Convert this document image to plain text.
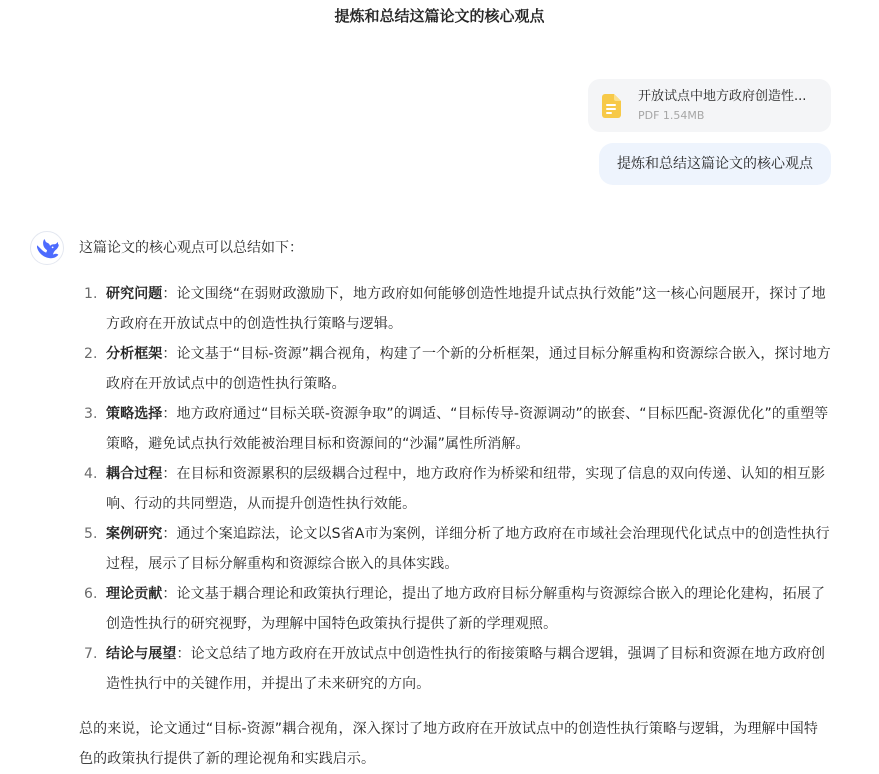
提炼和总结这篇论文的核心观点
开放试点中地方政府创造性...
PDF 1.54MB
提炼和总结这篇论文的核心观点
这篇论文的核心观点可以总结如下：
1. 研究问题：论文围绕“在弱财政激励下，地方政府如何能够创造性地提升试点执行效能”这一核心问题展开，探讨了地方政府在开放试点中的创造性执行策略与逻辑。
2. 分析框架：论文基于“目标-资源”耦合视角，构建了一个新的分析框架，通过目标分解重构和资源综合嵌入，探讨地方政府在开放试点中的创造性执行策略。
3. 策略选择：地方政府通过“目标关联-资源争取”的调适、“目标传导-资源调动”的嵌套、“目标匹配-资源优化”的重塑等策略，避免试点执行效能被治理目标和资源间的“沙漏”属性所消解。
4. 耦合过程：在目标和资源累积的层级耦合过程中，地方政府作为桥梁和纽带，实现了信息的双向传递、认知的相互影响、行动的共同塑造，从而提升创造性执行效能。
5. 案例研究：通过个案追踪法，论文以S省A市为案例，详细分析了地方政府在市域社会治理现代化试点中的创造性执行过程，展示了目标分解重构和资源综合嵌入的具体实践。
6. 理论贡献：论文基于耦合理论和政策执行理论，提出了地方政府目标分解重构与资源综合嵌入的理论化建构，拓展了创造性执行的研究视野，为理解中国特色政策执行提供了新的学理观照。
7. 结论与展望：论文总结了地方政府在开放试点中创造性执行的衔接策略与耦合逻辑，强调了目标和资源在地方政府创造性执行中的关键作用，并提出了未来研究的方向。
总的来说，论文通过“目标-资源”耦合视角，深入探讨了地方政府在开放试点中的创造性执行策略与逻辑，为理解中国特色的政策执行提供了新的理论视角和实践启示。
